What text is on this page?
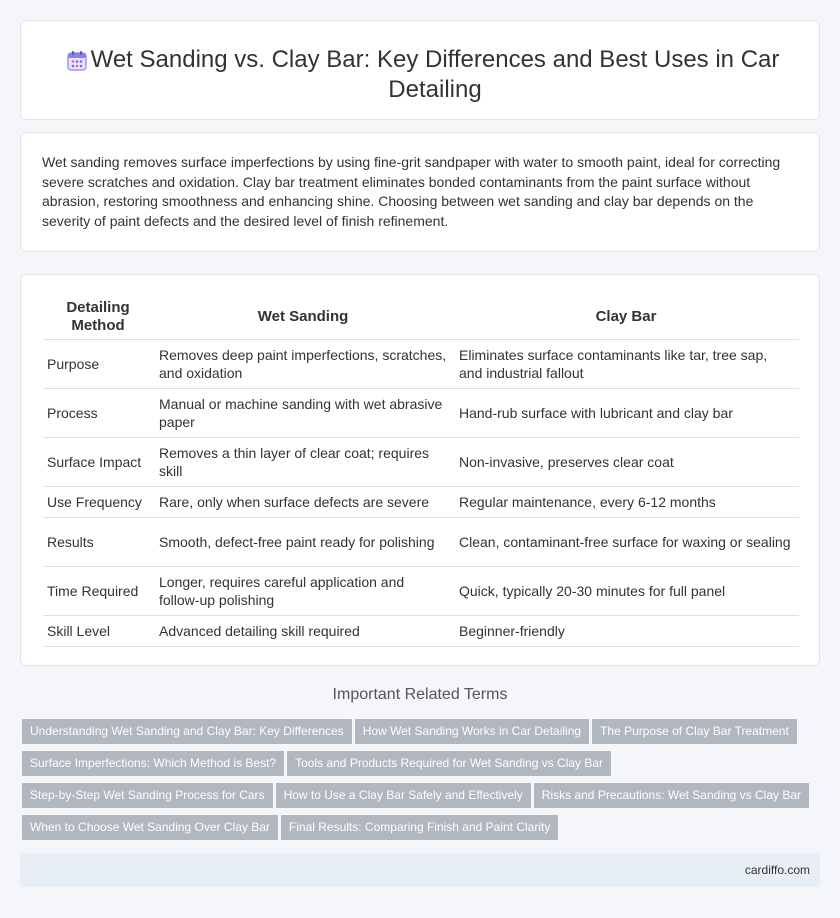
Wet Sanding vs. Clay Bar: Key Differences and Best Uses in Car Detailing

Wet sanding removes surface imperfections by using fine-grit sandpaper with water to smooth paint, ideal for correcting severe scratches and oxidation. Clay bar treatment eliminates bonded contaminants from the paint surface without abrasion, restoring smoothness and enhancing shine. Choosing between wet sanding and clay bar depends on the severity of paint defects and the desired level of finish refinement.

Detailing Method	Wet Sanding	Clay Bar
Purpose	Removes deep paint imperfections, scratches, and oxidation	Eliminates surface contaminants like tar, tree sap, and industrial fallout
Process	Manual or machine sanding with wet abrasive paper	Hand-rub surface with lubricant and clay bar
Surface Impact	Removes a thin layer of clear coat; requires skill	Non-invasive, preserves clear coat
Use Frequency	Rare, only when surface defects are severe	Regular maintenance, every 6-12 months
Results	Smooth, defect-free paint ready for polishing	Clean, contaminant-free surface for waxing or sealing
Time Required	Longer, requires careful application and follow-up polishing	Quick, typically 20-30 minutes for full panel
Skill Level	Advanced detailing skill required	Beginner-friendly
Important Related Terms
Understanding Wet Sanding and Clay Bar: Key Differences How Wet Sanding Works in Car Detailing The Purpose of Clay Bar Treatment
Surface Imperfections: Which Method is Best? Tools and Products Required for Wet Sanding vs Clay Bar
Step-by-Step Wet Sanding Process for Cars How to Use a Clay Bar Safely and Effectively Risks and Precautions: Wet Sanding vs Clay Bar
When to Choose Wet Sanding Over Clay Bar Final Results: Comparing Finish and Paint Clarity
cardiffo.com
